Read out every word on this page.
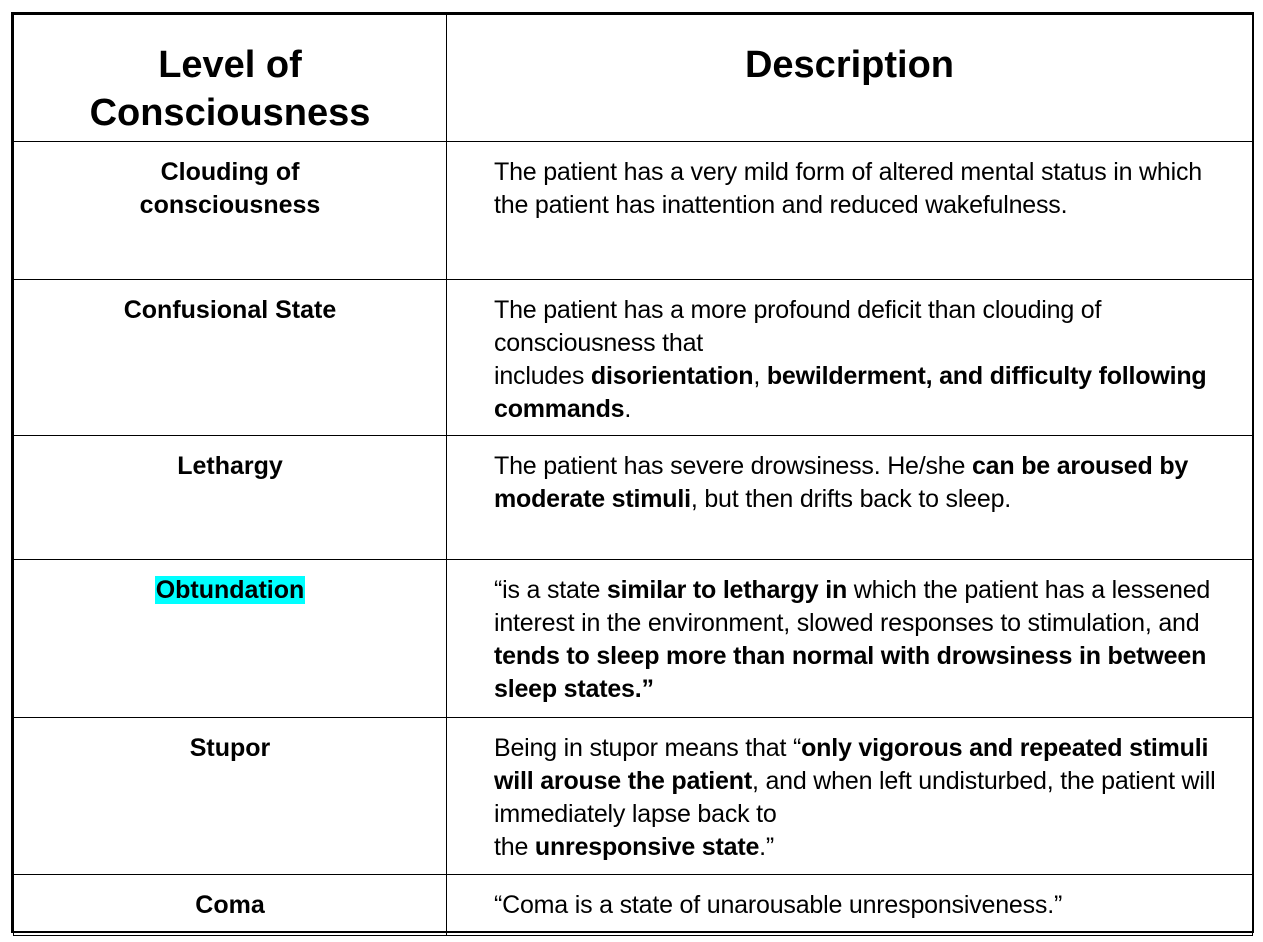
Level of
Consciousness	Description
Clouding of
consciousness	The patient has a very mild form of altered mental status in which the patient has inattention and reduced wakefulness.
Confusional State	The patient has a more profound deficit than clouding of consciousness that
includes disorientation, bewilderment, and difficulty following commands.
Lethargy	The patient has severe drowsiness. He/she can be aroused by moderate stimuli, but then drifts back to sleep.
Obtundation	“is a state similar to lethargy in which the patient has a lessened interest in the environment, slowed responses to stimulation, and tends to sleep more than normal with drowsiness in between sleep states.”
Stupor	Being in stupor means that “only vigorous and repeated stimuli will arouse the patient, and when left undisturbed, the patient will immediately lapse back to
the unresponsive state.”
Coma	“Coma is a state of unarousable unresponsiveness.”
